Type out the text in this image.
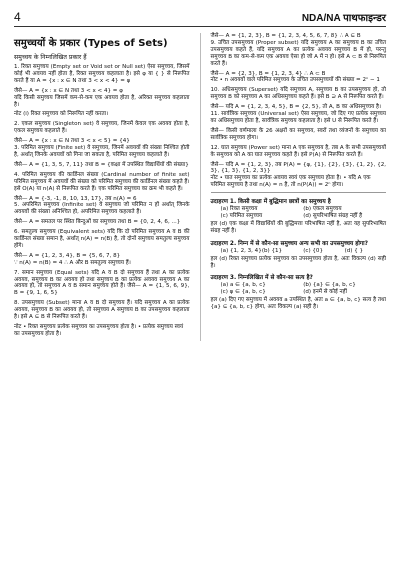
4	NDA/NA पाथफाइन्डर
समुच्चयों के प्रकार (Types of Sets)
समुच्चय के निम्नलिखित प्रकार हैं

1. रिक्त समुच्चय (Empty set or Void set or Null set) ऐसा समुच्चय, जिसमें कोई भी अवयव नहीं होता है, रिक्त समुच्चय कहलाता है। इसे φ या { } से निरूपित करते हैं या A = {x : x ∈ N तथा 3 < x < 4} = φ

जैसे— A = {x : x ∈ N तथा 3 < x < 4} = φ

यदि किसी समुच्चय जिसमें कम-से-कम एक अवयव होता है, अरिक्त समुच्चय कहलाता है।

नोट (i) रिक्त समुच्चय को निरूपित नहीं करता।

2. एकल समुच्चय (Singleton set) वे समुच्चय, जिनमें केवल एक अवयव होता है, एकल समुच्चय कहलाते हैं।

जैसे— A = {x : x ∈ N तथा 3 < x < 5} = {4}

3. परिमित समुच्चय (Finite set) वे समुच्चय, जिनमें अवयवों की संख्या निश्चित होती है, अर्थात् जिनके अवयवों को गिना जा सकता है, परिमित समुच्चय कहलाते हैं।

जैसे— A = {1, 3, 5, 7, 11} तथा B = {कक्षा में उपस्थित विद्यार्थियों की संख्या}

4. परिमित समुच्चय की कार्डिनल संख्या (Cardinal number of finite set) परिमित समुच्चय में अवयवों की संख्या को परिमित समुच्चय की कार्डिनल संख्या कहते हैं। इसे O(A) या n(A) से निरूपित करते हैं। एक परिमित समुच्चय का क्रम भी कहते हैं।

जैसे— A = {-3, -1, 8, 10, 13, 17}, तब n(A) = 6

5. अपरिमित समुच्चय (Infinite set) वे समुच्चय जो परिमित न हों अर्थात् जिनके अवयवों की संख्या अनिश्चित हो, अपरिमित समुच्चय कहलाते हैं।

जैसे— A = समतल पर स्थित बिन्दुओं का समुच्चय तथा B = {0, 2, 4, 6, ...}

6. समतुल्य समुच्चय (Equivalent sets) यदि कि दो परिमित समुच्चय A व B की कार्डिनल संख्या समान है, अर्थात् n(A) = n(B) है, तो दोनों समुच्चय समतुल्य समुच्चय होंगे।

जैसे— A = {1, 2, 3, 4}, B = {5, 6, 7, 8}

∵ n(A) = n(B) = 4 ∴ A और B समतुल्य समुच्चय हैं।

7. समान समुच्चय (Equal sets) यदि A व B दो समुच्चय हैं तथा A का प्रत्येक अवयव, समुच्चय B का अवयव हो तथा समुच्चय B का प्रत्येक अवयव समुच्चय A का अवयव हो, तो समुच्चय A व B समान समुच्चय होते हैं। जैसे— A = {1, 5, 6, 9}, B = {9, 1, 6, 5}

8. उपसमुच्चय (Subset) माना A व B दो समुच्चय हैं। यदि समुच्चय A का प्रत्येक अवयव, समुच्चय B का अवयव हो, तो समुच्चय A समुच्चय B का उपसमुच्चय कहलाता है। इसे A ⊆ B से निरूपित करते हैं।

नोट • रिक्त समुच्चय प्रत्येक समुच्चय का उपसमुच्चय होता है। • प्रत्येक समुच्चय स्वयं का उपसमुच्चय होता है।

जैसे— A = {1, 2, 3}, B = {1, 2, 3, 4, 5, 6, 7, 8} ∴ A ⊆ B

9. उचित उपसमुच्चय (Proper subset) यदि समुच्चय A का समुच्चय B का उचित उपसमुच्चय कहते हैं, यदि समुच्चय A का प्रत्येक अवयव समुच्चय B में हो, परन्तु समुच्चय B का कम-से-कम एक अवयव ऐसा हो जो A में न हो। इसे A ⊂ B से निरूपित करते हैं।

जैसे— A = {2, 3}, B = {1, 2, 3, 4} ∴ A ⊂ B

नोट • n अवयवों वाले परिमित समुच्चय के उचित उपसमुच्चयों की संख्या = 2ⁿ − 1

10. अधिसमुच्चय (Superset) यदि समुच्चय A, समुच्चय B का उपसमुच्चय हो, तो समुच्चय B को समुच्चय A का अधिसमुच्चय कहते हैं। इसे B ⊇ A से निरूपित करते हैं।

जैसे— यदि A = {1, 2, 3, 4, 5}, B = {2, 5}, तो A, B का अधिसमुच्चय है।

11. सार्वत्रिक समुच्चय (Universal set) ऐसा समुच्चय, जो दिए गए प्रत्येक समुच्चय का अधिसमुच्चय होता है, सार्वत्रिक समुच्चय कहलाता है। इसे U से निरूपित करते हैं।

जैसे— किसी वर्णमाला के 26 अक्षरों का समुच्चय, स्वरों तथा व्यंजनों के समुच्चय का सार्वत्रिक समुच्चय होगा।

12. घात समुच्चय (Power set) माना A एक समुच्चय है, तब A के सभी उपसमुच्चयों के समुच्चय को A का घात समुच्चय कहते हैं। इसे P(A) से निरूपित करते हैं।

जैसे— यदि A = {1, 2, 3}, तब P(A) = {φ, {1}, {2}, {3}, {1, 2}, {2, 3}, {1, 3}, {1, 2, 3}}

नोट • घात समुच्चय का प्रत्येक अवयव स्वयं एक समुच्चय होता है। • यदि A एक परिमित समुच्चय है तथा n(A) = n है, तो n(P(A)) = 2ⁿ होगा।

उदाहरण 1. किसी कक्षा में बुद्धिमान छात्रों का समुच्चय है
(a) रिक्त समुच्चय	(b) एकल समुच्चय
(c) परिमित समुच्चय	(d) सुपरिभाषित संग्रह नहीं है

हल (d) एक कक्षा में विद्यार्थियों की बुद्धिमत्ता परिभाषित नहीं है, अतः यह सुपरिभाषित संग्रह नहीं है।

उदाहरण 2. निम्न में से कौन-सा समुच्चय अन्य सभी का उपसमुच्चय होगा?
(a) {1, 2, 3, 4} (b) {1}	(c) {0}	(d) { }

हल (d) रिक्त समुच्चय प्रत्येक समुच्चय का उपसमुच्चय होता है, अतः विकल्प (d) सही है।

उदाहरण 3. निम्नलिखित में से कौन-सा सत्य है?
(a) a ∈ {a, b, c}	(b) {a} ∈ {a, b, c}
(c) φ ∈ {a, b, c}	(d) इनमें से कोई नहीं

हल (a) दिए गए समुच्चय में अवयव a उपस्थित है, अतः a ∈ {a, b, c} सत्य है तथा {a} ⊆ {a, b, c} होगा, अतः विकल्प (a) सही है।
